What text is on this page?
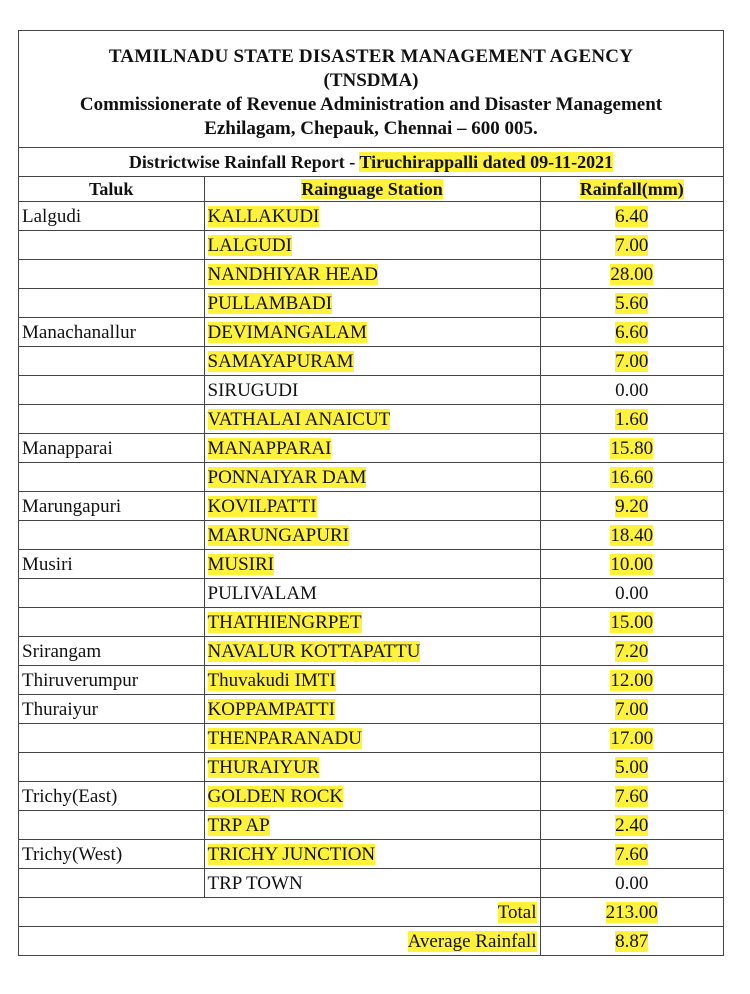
TAMILNADU STATE DISASTER MANAGEMENT AGENCY
(TNSDMA)
Commissionerate of Revenue Administration and Disaster Management
Ezhilagam, Chepauk, Chennai – 600 005.
Districtwise Rainfall Report - Tiruchirappalli dated 09-11-2021
Taluk	Rainguage Station	Rainfall(mm)
Lalgudi	KALLAKUDI	6.40
	LALGUDI	7.00
	NANDHIYAR HEAD	28.00
	PULLAMBADI	5.60
Manachanallur	DEVIMANGALAM	6.60
	SAMAYAPURAM	7.00
	SIRUGUDI	0.00
	VATHALAI ANAICUT	1.60
Manapparai	MANAPPARAI	15.80
	PONNAIYAR DAM	16.60
Marungapuri	KOVILPATTI	9.20
	MARUNGAPURI	18.40
Musiri	MUSIRI	10.00
	PULIVALAM	0.00
	THATHIENGRPET	15.00
Srirangam	NAVALUR KOTTAPATTU	7.20
Thiruverumpur	Thuvakudi IMTI	12.00
Thuraiyur	KOPPAMPATTI	7.00
	THENPARANADU	17.00
	THURAIYUR	5.00
Trichy(East)	GOLDEN ROCK	7.60
	TRP AP	2.40
Trichy(West)	TRICHY JUNCTION	7.60
	TRP TOWN	0.00
Total		213.00
Average Rainfall		8.87
